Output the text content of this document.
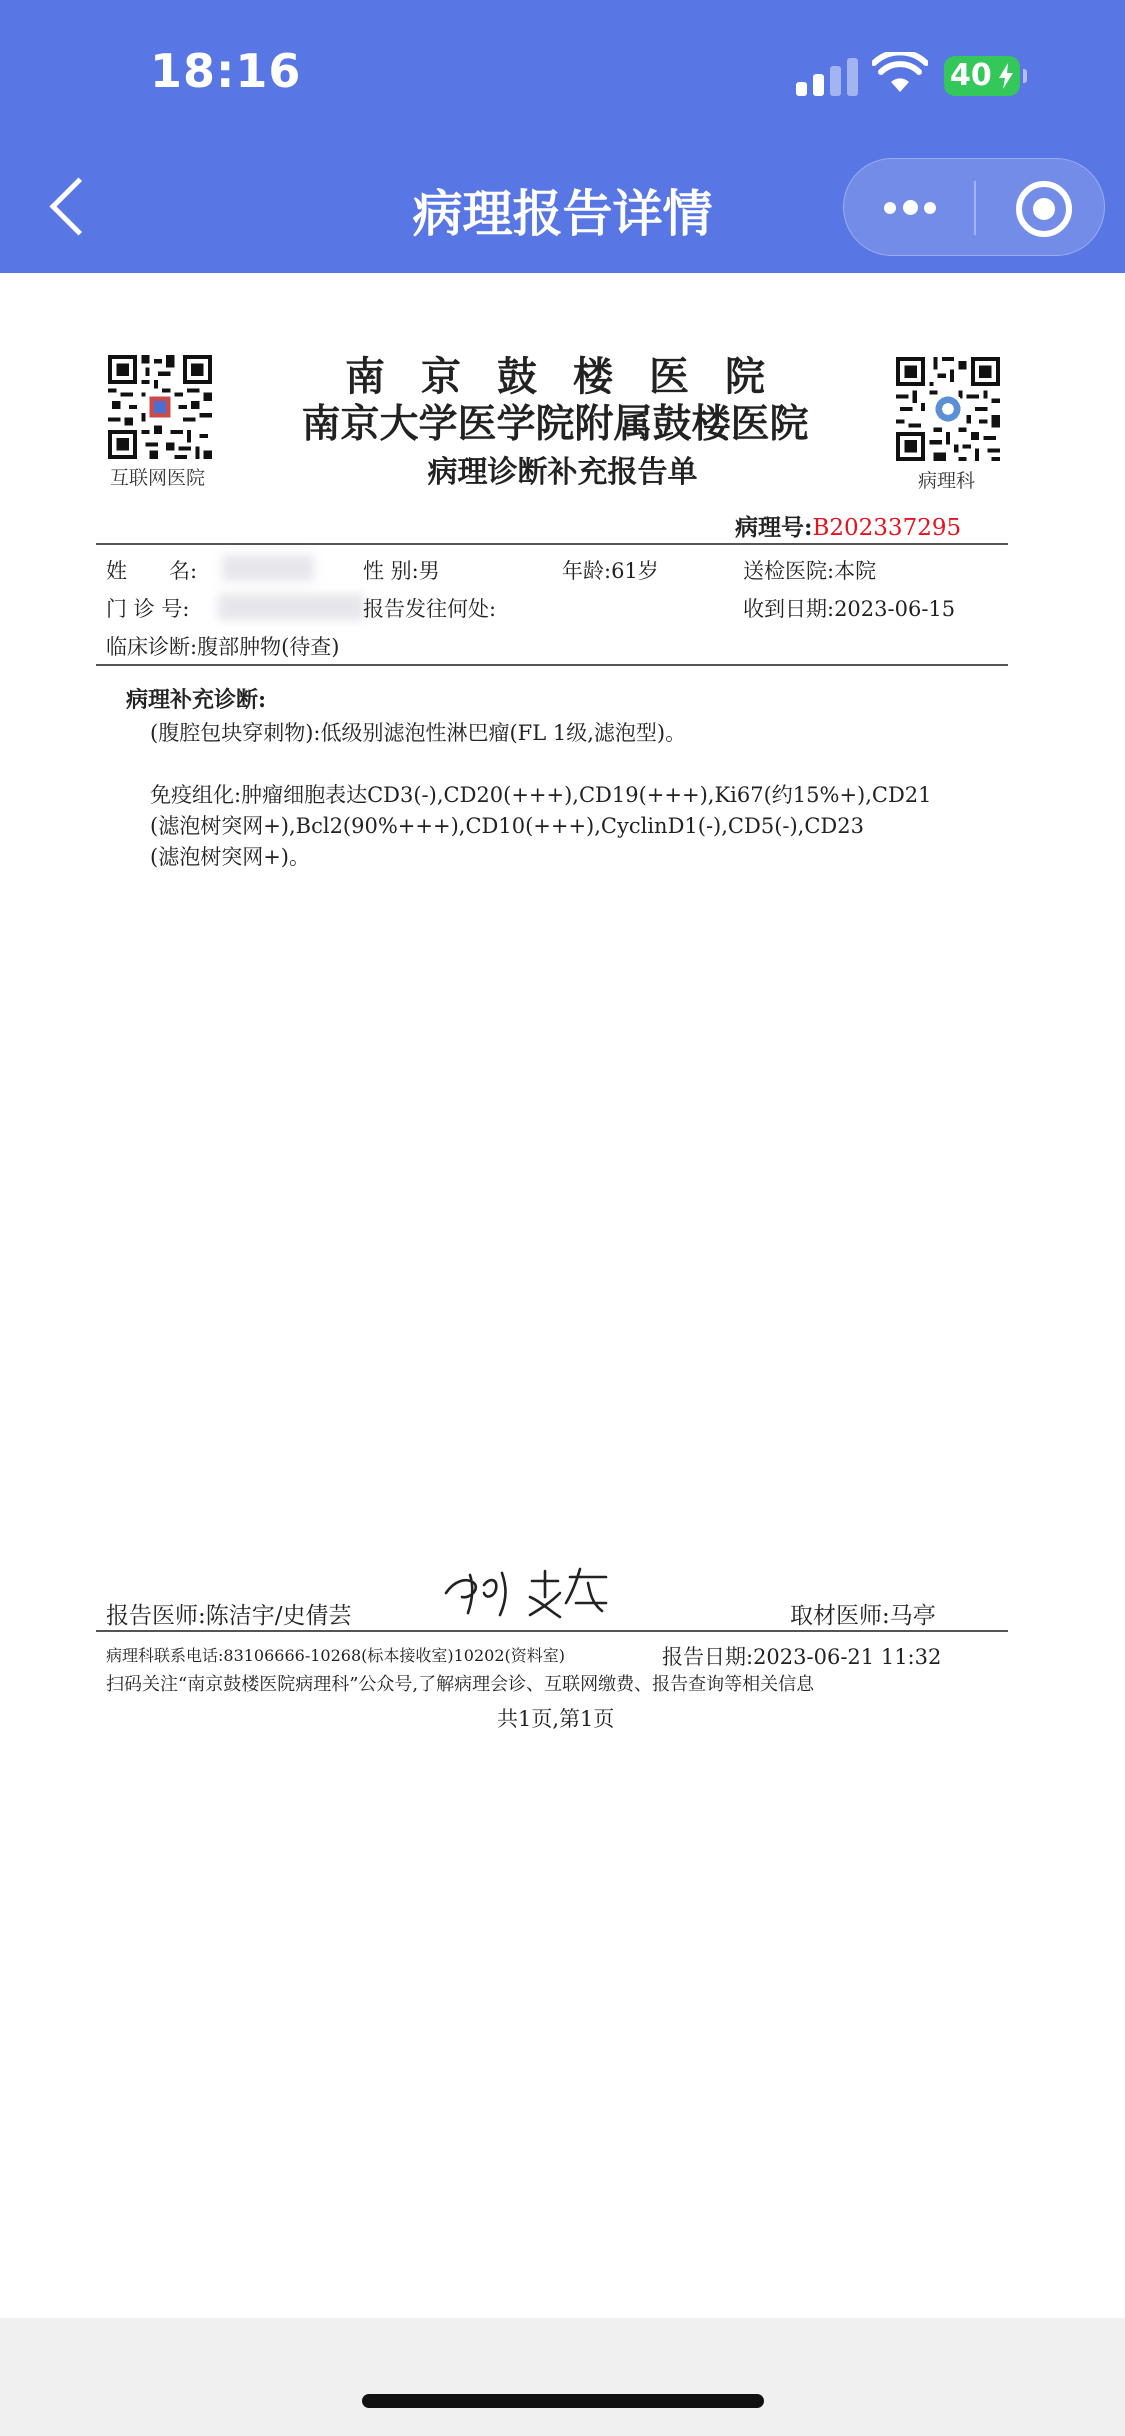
18:16	40
病理报告详情
互联网医院	病理科
南京鼓楼医院
南京大学医学院附属鼓楼医院
病理诊断补充报告单
病理号:B202337295
姓　　名:	性 别:男	年龄:61岁	送检医院:本院
门 诊 号:	报告发往何处:	收到日期:2023-06-15
临床诊断:腹部肿物(待查)
病理补充诊断:
(腹腔包块穿刺物):低级别滤泡性淋巴瘤(FL 1级,滤泡型)。
免疫组化:肿瘤细胞表达CD3(-),CD20(+++),CD19(+++),Ki67(约15%+),CD21
(滤泡树突网+),Bcl2(90%+++),CD10(+++),CyclinD1(-),CD5(-),CD23
(滤泡树突网+)。
报告医师:陈洁宇/史倩芸	取材医师:马亭
病理科联系电话:83106666-10268(标本接收室)10202(资料室)	报告日期:2023-06-21 11:32
扫码关注“南京鼓楼医院病理科”公众号,了解病理会诊、互联网缴费、报告查询等相关信息
共1页,第1页
